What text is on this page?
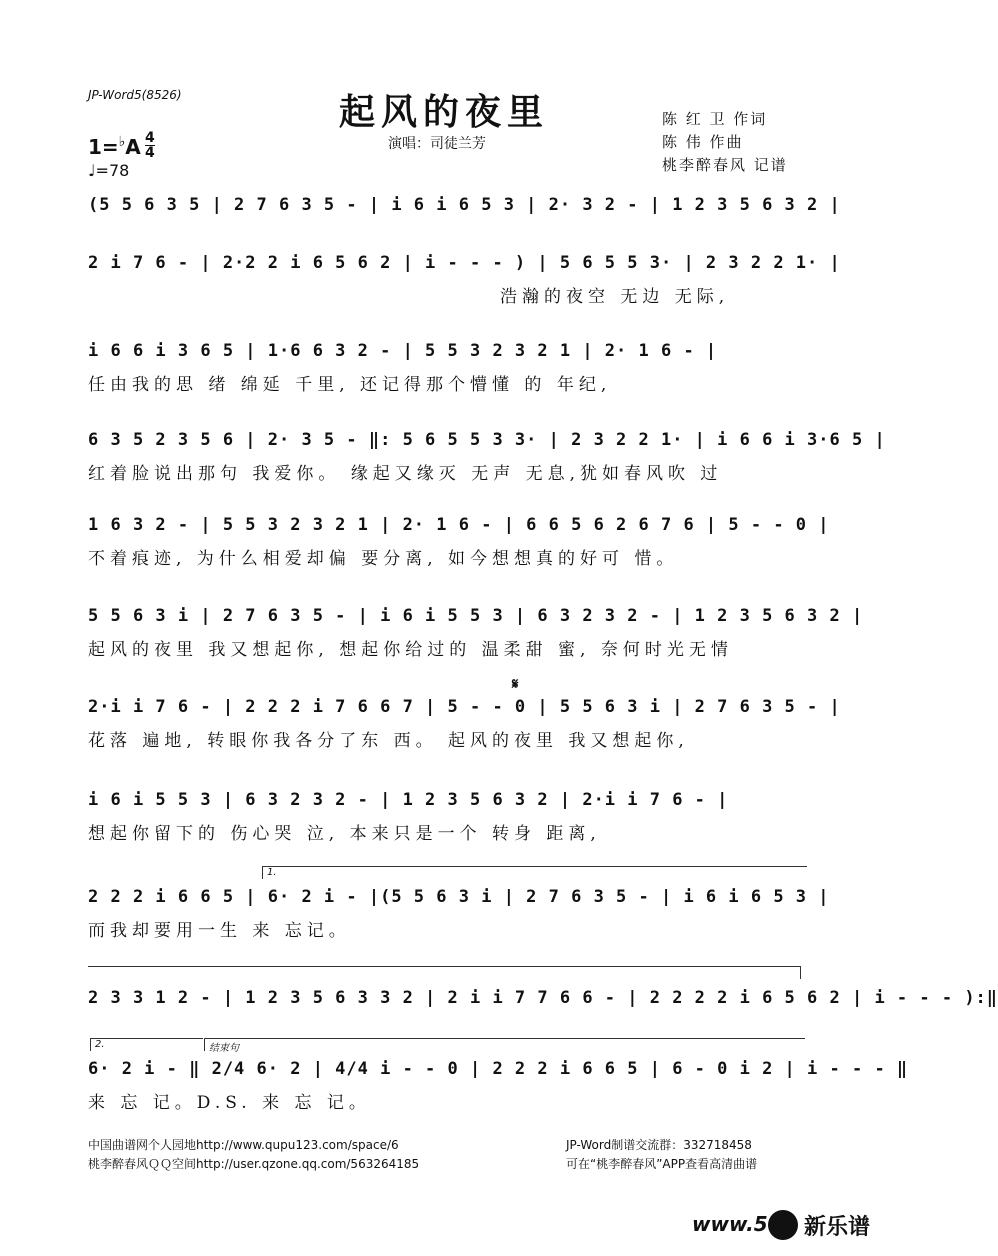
JP-Word5(8526)	起风的夜里
演唱：司徒兰芳
陈 红 卫 作词
陈 伟 作曲
桃李醉春风 记谱
1=♭A 4
4
♩=78
(5 5 6 3 5 | 2 7 6 3 5 - | i 6 i 6 5 3 | 2· 3 2 - | 1 2 3 5 6 3 2 |
2 i 7 6 - | 2·2 2 i 6 5 6 2 | i - - - ) | 5 6 5 5 3· | 2 3 2 2 1· |
浩瀚的夜空 无边 无际,
i 6 6 i 3 6 5 | 1·6 6 3 2 - | 5 5 3 2 3 2 1 | 2· 1 6 - |
任由我的思 绪 绵延 千里, 还记得那个懵懂 的 年纪,
6 3 5 2 3 5 6 | 2· 3 5 - ‖: 5 6 5 5 3 3· | 2 3 2 2 1· | i 6 6 i 3·6 5 |
红着脸说出那句 我爱你。 缘起又缘灭 无声 无息,犹如春风吹 过
1 6 3 2 - | 5 5 3 2 3 2 1 | 2· 1 6 - | 6 6 5 6 2 6 7 6 | 5 - - 0 |
不着痕迹, 为什么相爱却偏 要分离, 如今想想真的好可 惜。
5 5 6 3 i | 2 7 6 3 5 - | i 6 i 5 5 3 | 6 3 2 3 2 - | 1 2 3 5 6 3 2 |
起风的夜里 我又想起你, 想起你给过的 温柔甜 蜜, 奈何时光无情
𝄋
2·i i 7 6 - | 2 2 2 i 7 6 6 7 | 5 - - 0 | 5 5 6 3 i | 2 7 6 3 5 - |
花落 遍地, 转眼你我各分了东 西。 起风的夜里 我又想起你,
i 6 i 5 5 3 | 6 3 2 3 2 - | 1 2 3 5 6 3 2 | 2·i i 7 6 - |
想起你留下的 伤心哭 泣, 本来只是一个 转身 距离,
1.
2 2 2 i 6 6 5 | 6· 2 i - |(5 5 6 3 i | 2 7 6 3 5 - | i 6 i 6 5 3 |
而我却要用一生 来 忘记。
2 3 3 1 2 - | 1 2 3 5 6 3 3 2 | 2 i i 7 7 6 6 - | 2 2 2 2 i 6 5 6 2 | i - - - ):‖
2.	结束句
6· 2 i - ‖ 2/4 6· 2 | 4/4 i - - 0 | 2 2 2 i 6 6 5 | 6 - 0 i 2 | i - - - ‖
来 忘 记。D.S. 来 忘 记。
中国曲谱网个人园地http://www.qupu123.com/space/6
桃李醉春风ＱＱ空间http://user.qzone.qq.com/563264185
JP-Word制谱交流群：332718458
可在“桃李醉春风”APP查看高清曲谱
www.5 新乐谱
